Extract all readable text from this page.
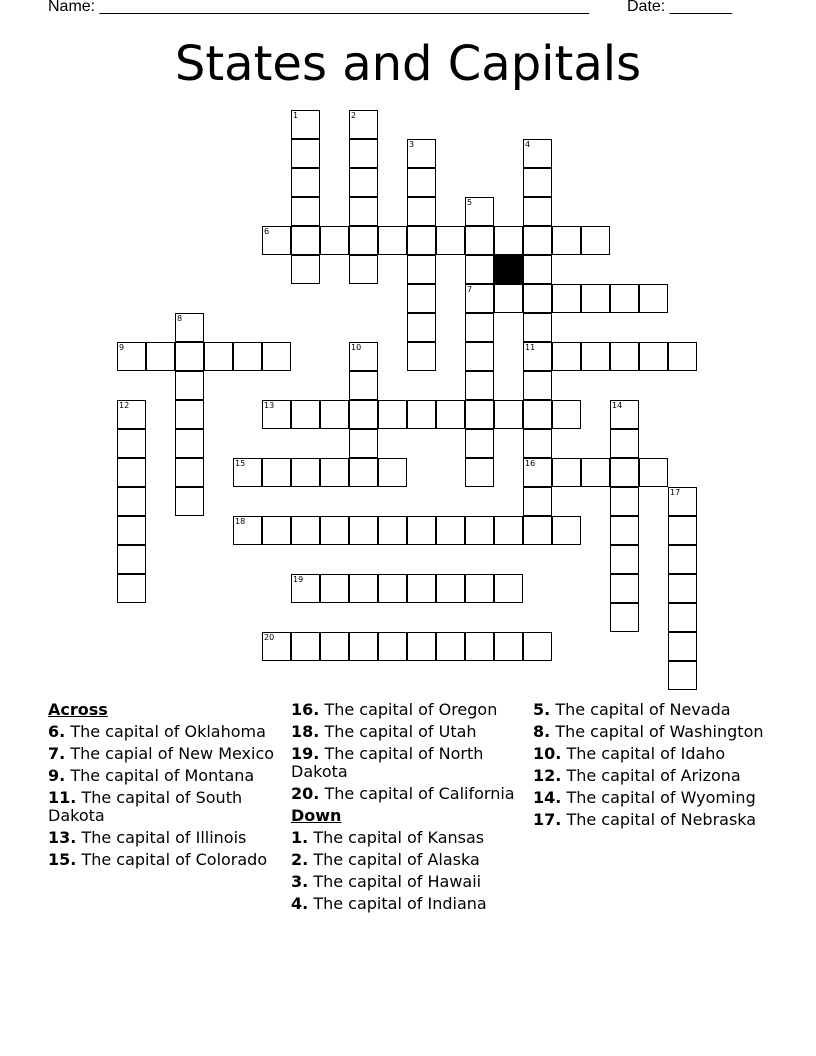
Name: _______________________________________________________ Date: _______
States and Capitals
1	2
3	4
11
16
5
7
6
8
9	10
12	13	14
15
17
18
19
20
Across
6. The capital of Oklahoma
7. The capial of New Mexico
9. The capital of Montana
11. The capital of South Dakota
13. The capital of Illinois
15. The capital of Colorado
16. The capital of Oregon
18. The capital of Utah
19. The capital of North Dakota
20. The capital of California
Down
1. The capital of Kansas
2. The capital of Alaska
3. The capital of Hawaii
4. The capital of Indiana
5. The capital of Nevada
8. The capital of Washington
10. The capital of Idaho
12. The capital of Arizona
14. The capital of Wyoming
17. The capital of Nebraska
